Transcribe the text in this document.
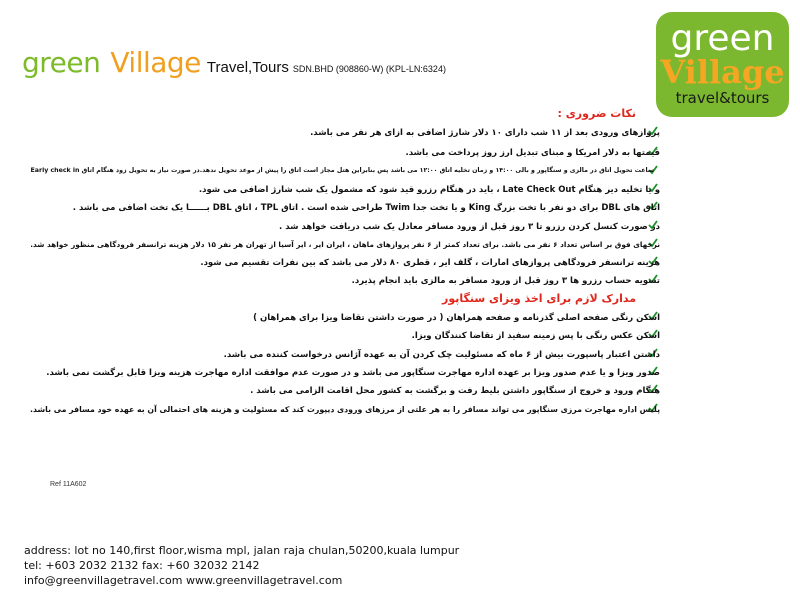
green Village Travel,Tours SDN.BHD (908860-W) (KPL-LN:6324)
green
Village
travel&tours
نکات ضروری :
پروازهای ورودی بعد از ۱۱ شب دارای ۱۰ دلار شارژ اضافی به ازای هر نفر می باشد.
قیمتها به دلار امریکا و مبنای تبدیل ارز روز پرداخت می باشد.
ساعت تحویل اتاق در مالزی و سنگاپور و بالی ۱۴:۰۰ و زمان تخلیه اتاق ۱۲:۰۰ می باشد پس بنابراین هتل مجاز است اتاق را پیش از موعد تحویل ندهد.در صورت نیاز به تحویل زود هنگام اتاق Early check in
و یا تخلیه دیر هنگام Late Check Out ، باید در هنگام رزرو قید شود که مشمول یک شب شارژ اضافی می شود.
اتاق های DBL برای دو نفر با تخت بزرگ King و یا تخت جدا Twim طراحی شده است . اتاق TPL ، اتاق DBL بــــــا یک تخت اضافی می باشد .
در صورت کنسل کردن رزرو تا ۳ روز قبل از ورود مسافر معادل یک شب دریافت خواهد شد .
نرخهای فوق بر اساس تعداد ۶ نفر می باشد. برای تعداد کمتر از ۶ نفر پروازهای ماهان ، ایران ایر ، ایر آسیا از تهران هر نفر ۱۵ دلار هزینه ترانسفر فرودگاهی منظور خواهد شد.
هزینه ترانسفر فرودگاهی پروازهای امارات ، گلف ایر ، قطری ۸۰ دلار می باشد که بین نفرات تقسیم می شود.
تسویه حساب رزرو ها ۳ روز قبل از ورود مسافر به مالزی باید انجام پذیرد.
مدارک لازم برای اخذ ویزای سنگاپور
اسکن رنگی صفحه اصلی گذرنامه و صفحه همراهان ( در صورت داشتن تقاضا ویزا برای همراهان )
اسکن عکس رنگی با پس زمینه سفید از تقاضا کنندگان ویزا.
داشتن اعتبار پاسپورت بیش از ۶ ماه که مسئولیت چک کردن آن به عهده آژانس درخواست کننده می باشد.
صدور ویزا و یا عدم صدور ویزا بر عهده اداره مهاجرت سنگاپور می باشد و در صورت عدم موافقت اداره مهاجرت هزینه ویزا قابل برگشت نمی باشد.
هنگام ورود و خروج از سنگاپور داشتن بلیط رفت و برگشت به کشور محل اقامت الزامی می باشد .
پلیس اداره مهاجرت مرزی سنگاپور می تواند مسافر را به هر علتی از مرزهای ورودی دیپورت کند که مسئولیت و هزینه های احتمالی آن به عهده خود مسافر می باشد.
Ref 11A602
address: lot no 140,first floor,wisma mpl, jalan raja chulan,50200,kuala lumpur
tel: +603 2032 2132 fax: +60 32032 2142
info@greenvillagetravel.com www.greenvillagetravel.com
